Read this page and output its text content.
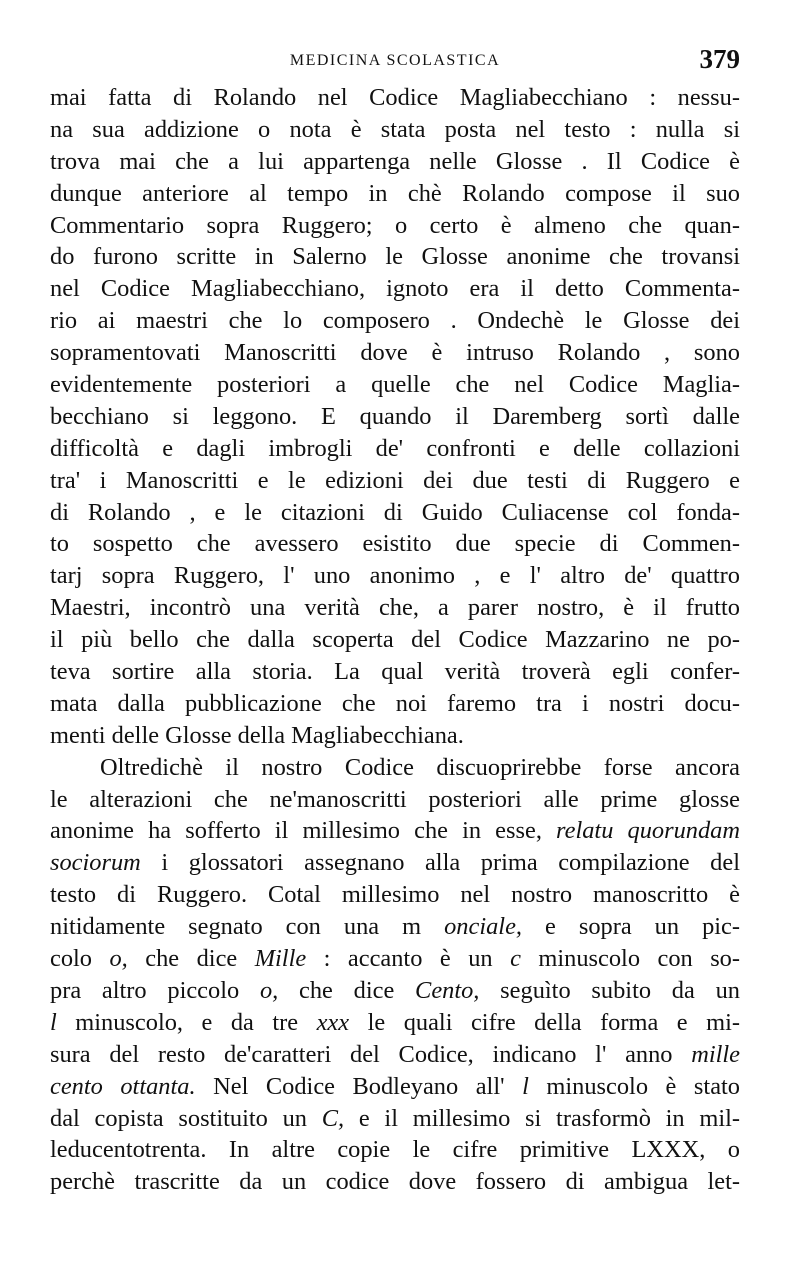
MEDICINA SCOLASTICA	379
mai fatta di Rolando nel Codice Magliabecchiano : nessu-
na sua addizione o nota è stata posta nel testo : nulla si
trova mai che a lui appartenga nelle Glosse . Il Codice è
dunque anteriore al tempo in chè Rolando compose il suo
Commentario sopra Ruggero; o certo è almeno che quan-
do furono scritte in Salerno le Glosse anonime che trovansi
nel Codice Magliabecchiano, ignoto era il detto Commenta-
rio ai maestri che lo composero . Ondechè le Glosse dei
sopramentovati Manoscritti dove è intruso Rolando , sono
evidentemente posteriori a quelle che nel Codice Maglia-
becchiano si leggono. E quando il Daremberg sortì dalle
difficoltà e dagli imbrogli de' confronti e delle collazioni
tra' i Manoscritti e le edizioni dei due testi di Ruggero e
di Rolando , e le citazioni di Guido Culiacense col fonda-
to sospetto che avessero esistito due specie di Commen-
tarj sopra Ruggero, l' uno anonimo , e l' altro de' quattro
Maestri, incontrò una verità che, a parer nostro, è il frutto
il più bello che dalla scoperta del Codice Mazzarino ne po-
teva sortire alla storia. La qual verità troverà egli confer-
mata dalla pubblicazione che noi faremo tra i nostri docu-
menti delle Glosse della Magliabecchiana.
Oltredichè il nostro Codice discuoprirebbe forse ancora
le alterazioni che ne'manoscritti posteriori alle prime glosse
anonime ha sofferto il millesimo che in esse, relatu quorundam
sociorum i glossatori assegnano alla prima compilazione del
testo di Ruggero. Cotal millesimo nel nostro manoscritto è
nitidamente segnato con una m onciale, e sopra un pic-
colo o, che dice Mille : accanto è un c minuscolo con so-
pra altro piccolo o, che dice Cento, seguìto subito da un
l minuscolo, e da tre xxx le quali cifre della forma e mi-
sura del resto de'caratteri del Codice, indicano l' anno mille
cento ottanta. Nel Codice Bodleyano all' l minuscolo è stato
dal copista sostituito un C, e il millesimo si trasformò in mil-
leducentotrenta. In altre copie le cifre primitive LXXX, o
perchè trascritte da un codice dove fossero di ambigua let-
